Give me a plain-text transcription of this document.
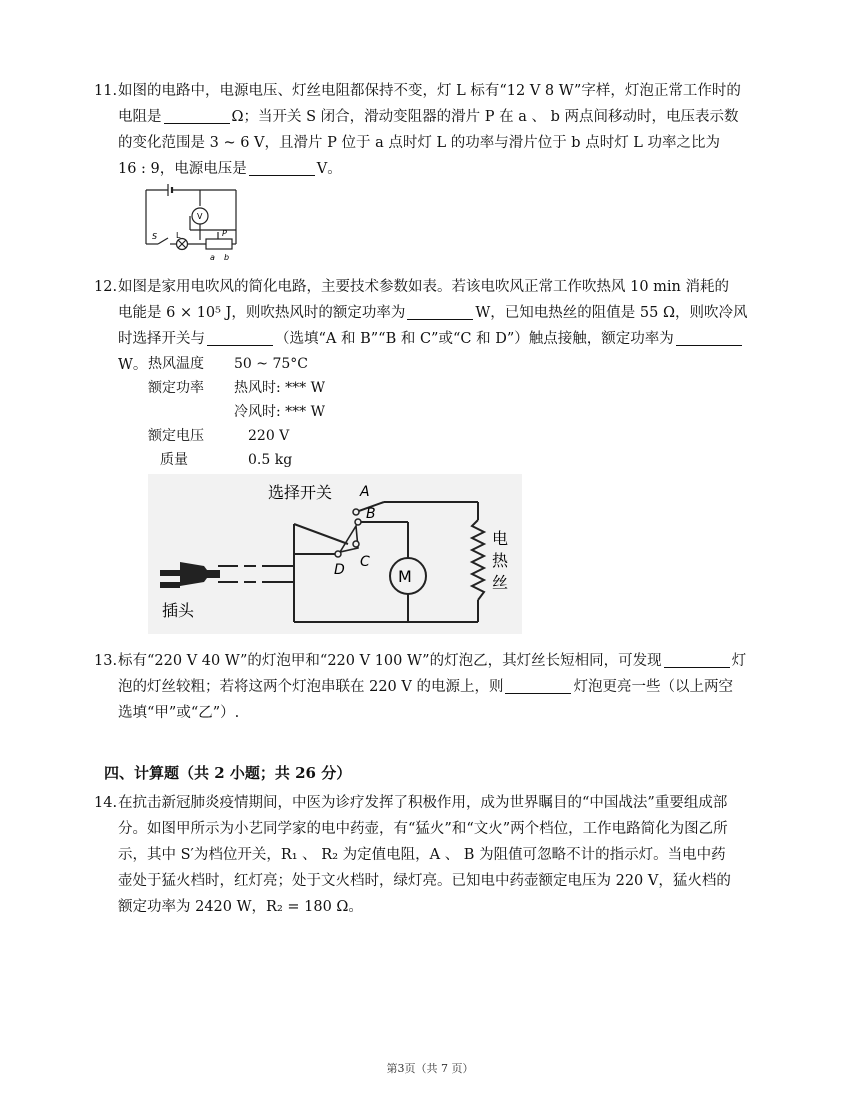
11. 如图的电路中，电源电压、灯丝电阻都保持不变，灯 L 标有“12 V 8 W”字样，灯泡正常工作时的
电阻是	Ω；当开关 S 闭合，滑动变阻器的滑片 P 在 a 、 b 两点间移动时，电压表示数
的变化范围是 3 ~ 6 V，且滑片 P 位于 a 点时灯 L 的功率与滑片位于 b 点时灯 L 功率之比为
16 : 9，电源电压是	V。
S L
V
P
a b
12. 如图是家用电吹风的简化电路，主要技术参数如表。若该电吹风正常工作吹热风 10 min 消耗的
电能是 6 × 10⁵ J，则吹热风时的额定功率为	W，已知电热丝的阻值是 55 Ω，则吹冷风
时选择开关与	（选填“A 和 B”“B 和 C”或“C 和 D”）触点接触，额定功率为W。 热风温度	50 ~ 75°C
额定功率	热风时: *** W
冷风时: *** W
额定电压	220 V
质量	0.5 kg
M
选择开关 A
B
C
D
电
热
丝
插头
13. 标有“220 V 40 W”的灯泡甲和“220 V 100 W”的灯泡乙，其灯丝长短相同，可发现	灯
泡的灯丝较粗；若将这两个灯泡串联在 220 V 的电源上，则	灯泡更亮一些（以上两空
选填“甲”或“乙”）.
四、计算题（共 2 小题；共 26 分）
14. 在抗击新冠肺炎疫情期间，中医为诊疗发挥了积极作用，成为世界瞩目的“中国战法”重要组成部
分。如图甲所示为小艺同学家的电中药壶，有“猛火”和“文火”两个档位，工作电路简化为图乙所
示，其中 S′为档位开关，R₁ 、 R₂ 为定值电阻，A 、 B 为阻值可忽略不计的指示灯。当电中药
壶处于猛火档时，红灯亮；处于文火档时，绿灯亮。已知电中药壶额定电压为 220 V，猛火档的
额定功率为 2420 W，R₂ = 180 Ω。
第3页（共 7 页）
